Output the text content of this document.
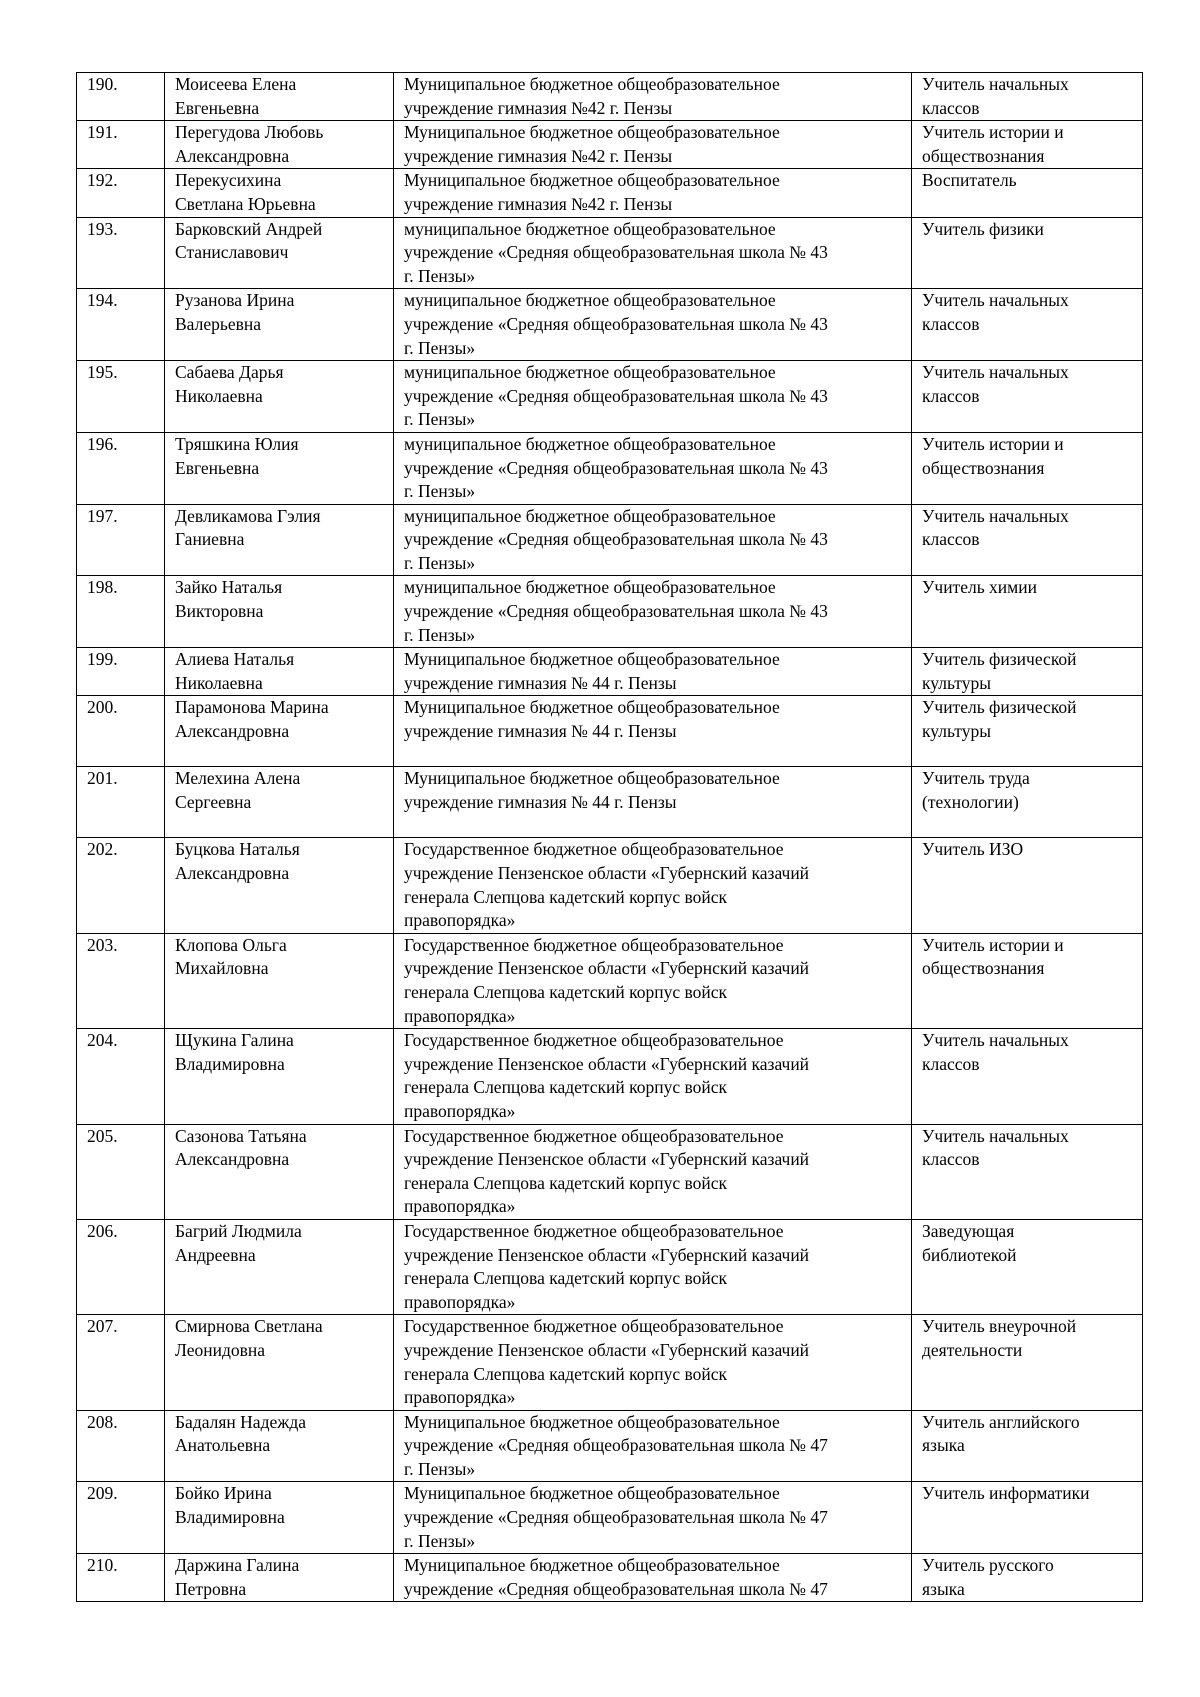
190.	Моисеева Елена
Евгеньевна	Муниципальное бюджетное общеобразовательное
учреждение гимназия №42 г. Пензы	Учитель начальных
классов
191.	Перегудова Любовь
Александровна	Муниципальное бюджетное общеобразовательное
учреждение гимназия №42 г. Пензы	Учитель истории и
обществознания
192.	Перекусихина
Светлана Юрьевна	Муниципальное бюджетное общеобразовательное
учреждение гимназия №42 г. Пензы	Воспитатель
193.	Барковский Андрей
Станиславович	муниципальное бюджетное общеобразовательное
учреждение «Средняя общеобразовательная школа № 43
г. Пензы»	Учитель физики
194.	Рузанова Ирина
Валерьевна	муниципальное бюджетное общеобразовательное
учреждение «Средняя общеобразовательная школа № 43
г. Пензы»	Учитель начальных
классов
195.	Сабаева Дарья
Николаевна	муниципальное бюджетное общеобразовательное
учреждение «Средняя общеобразовательная школа № 43
г. Пензы»	Учитель начальных
классов
196.	Тряшкина Юлия
Евгеньевна	муниципальное бюджетное общеобразовательное
учреждение «Средняя общеобразовательная школа № 43
г. Пензы»	Учитель истории и
обществознания
197.	Девликамова Гэлия
Ганиевна	муниципальное бюджетное общеобразовательное
учреждение «Средняя общеобразовательная школа № 43
г. Пензы»	Учитель начальных
классов
198.	Зайко Наталья
Викторовна	муниципальное бюджетное общеобразовательное
учреждение «Средняя общеобразовательная школа № 43
г. Пензы»	Учитель химии
199.	Алиева Наталья
Николаевна	Муниципальное бюджетное общеобразовательное
учреждение гимназия № 44 г. Пензы	Учитель физической
культуры
200.	Парамонова Марина
Александровна	Муниципальное бюджетное общеобразовательное
учреждение гимназия № 44 г. Пензы	Учитель физической
культуры
201.	Мелехина Алена
Сергеевна	Муниципальное бюджетное общеобразовательное
учреждение гимназия № 44 г. Пензы	Учитель труда
(технологии)
202.	Буцкова Наталья
Александровна	Государственное бюджетное общеобразовательное
учреждение Пензенское области «Губернский казачий
генерала Слепцова кадетский корпус войск
правопорядка»	Учитель ИЗО
203.	Клопова Ольга
Михайловна	Государственное бюджетное общеобразовательное
учреждение Пензенское области «Губернский казачий
генерала Слепцова кадетский корпус войск
правопорядка»	Учитель истории и
обществознания
204.	Щукина Галина
Владимировна	Государственное бюджетное общеобразовательное
учреждение Пензенское области «Губернский казачий
генерала Слепцова кадетский корпус войск
правопорядка»	Учитель начальных
классов
205.	Сазонова Татьяна
Александровна	Государственное бюджетное общеобразовательное
учреждение Пензенское области «Губернский казачий
генерала Слепцова кадетский корпус войск
правопорядка»	Учитель начальных
классов
206.	Багрий Людмила
Андреевна	Государственное бюджетное общеобразовательное
учреждение Пензенское области «Губернский казачий
генерала Слепцова кадетский корпус войск
правопорядка»	Заведующая
библиотекой
207.	Смирнова Светлана
Леонидовна	Государственное бюджетное общеобразовательное
учреждение Пензенское области «Губернский казачий
генерала Слепцова кадетский корпус войск
правопорядка»	Учитель внеурочной
деятельности
208.	Бадалян Надежда
Анатольевна	Муниципальное бюджетное общеобразовательное
учреждение «Средняя общеобразовательная школа № 47
г. Пензы»	Учитель английского
языка
209.	Бойко Ирина
Владимировна	Муниципальное бюджетное общеобразовательное
учреждение «Средняя общеобразовательная школа № 47
г. Пензы»	Учитель информатики
210.	Даржина Галина
Петровна	Муниципальное бюджетное общеобразовательное
учреждение «Средняя общеобразовательная школа № 47	Учитель русского
языка
